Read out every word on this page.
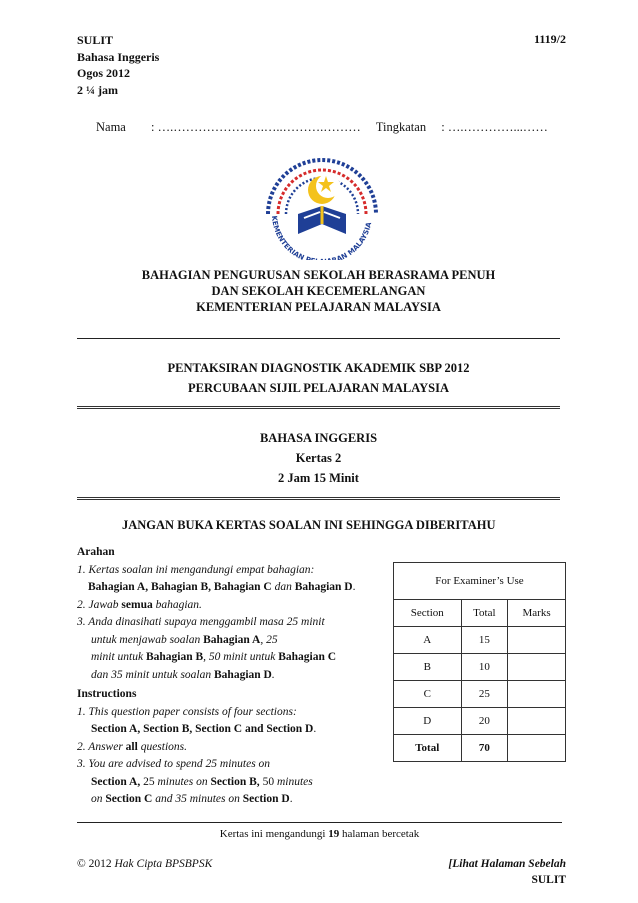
SULIT
Bahasa Inggeris
Ogos 2012
2 ¼ jam
1119/2
Nama : ….………………….…..……….……… Tingkatan : ….…………...……
KEMENTERIAN P AN MALAYSIA
BAHAGIAN PENGURUSAN SEKOLAH BERASRAMA PENUH
DAN SEKOLAH KECEMERLANGAN
KEMENTERIAN PELAJARAN MALAYSIA
PENTAKSIRAN DIAGNOSTIK AKADEMIK SBP 2012
PERCUBAAN SIJIL PELAJARAN MALAYSIA
BAHASA INGGERIS
Kertas 2
2 Jam 15 Minit
JANGAN BUKA KERTAS SOALAN INI SEHINGGA DIBERITAHU

Arahan

1. Kertas soalan ini mengandungi empat bahagian:

Bahagian A, Bahagian B, Bahagian C dan Bahagian D.

2. Jawab semua bahagian.

3. Anda dinasihati supaya menggambil masa 25 minit

untuk menjawab soalan Bahagian A, 25

minit untuk Bahagian B, 50 minit untuk Bahagian C

dan 35 minit untuk soalan Bahagian D.

Instructions

1. This question paper consists of four sections:

Section A, Section B, Section C and Section D.

2. Answer all questions.

3. You are advised to spend 25 minutes on

Section A, 25 minutes on Section B, 50 minutes

on Section C and 35 minutes on Section D.

For Examiner’s Use		
Section	Total	Marks
A	15	
B	10	
C	25	
D	20	
Total	70	
Kertas ini mengandungi 19 halaman bercetak
© 2012 Hak Cipta BPSBPSK	[Lihat Halaman Sebelah
SULIT
